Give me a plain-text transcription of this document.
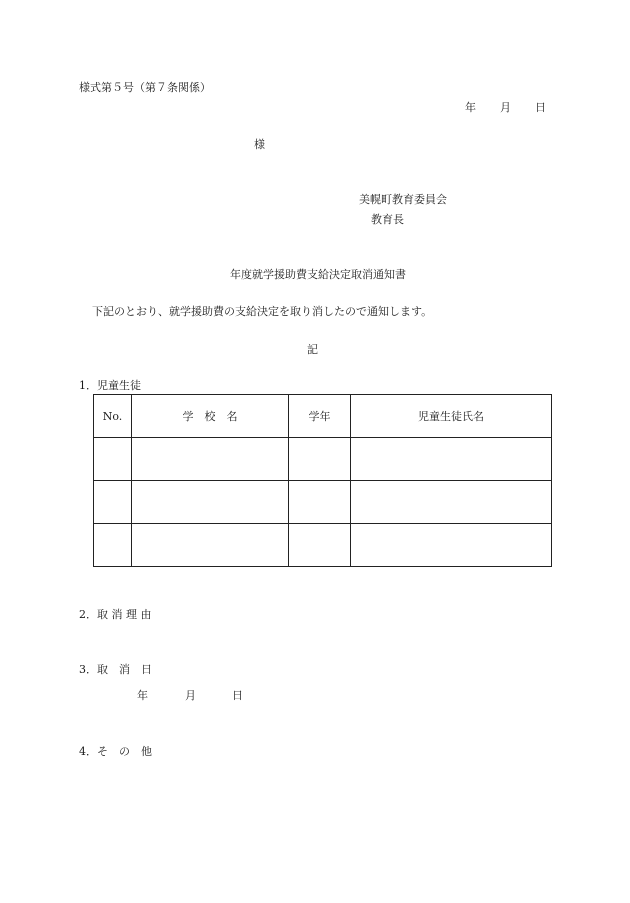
様式第５号（第７条関係）
年 月 日
様
美幌町教育委員会
教育長
年度就学援助費支給決定取消通知書
下記のとおり、就学援助費の支給決定を取り消したので通知します。
記
1．児童生徒
No.	学　校　名	学年	児童生徒氏名

2．取 消 理 由
3．取　消　日
年	月	日
4．そ　の　他
